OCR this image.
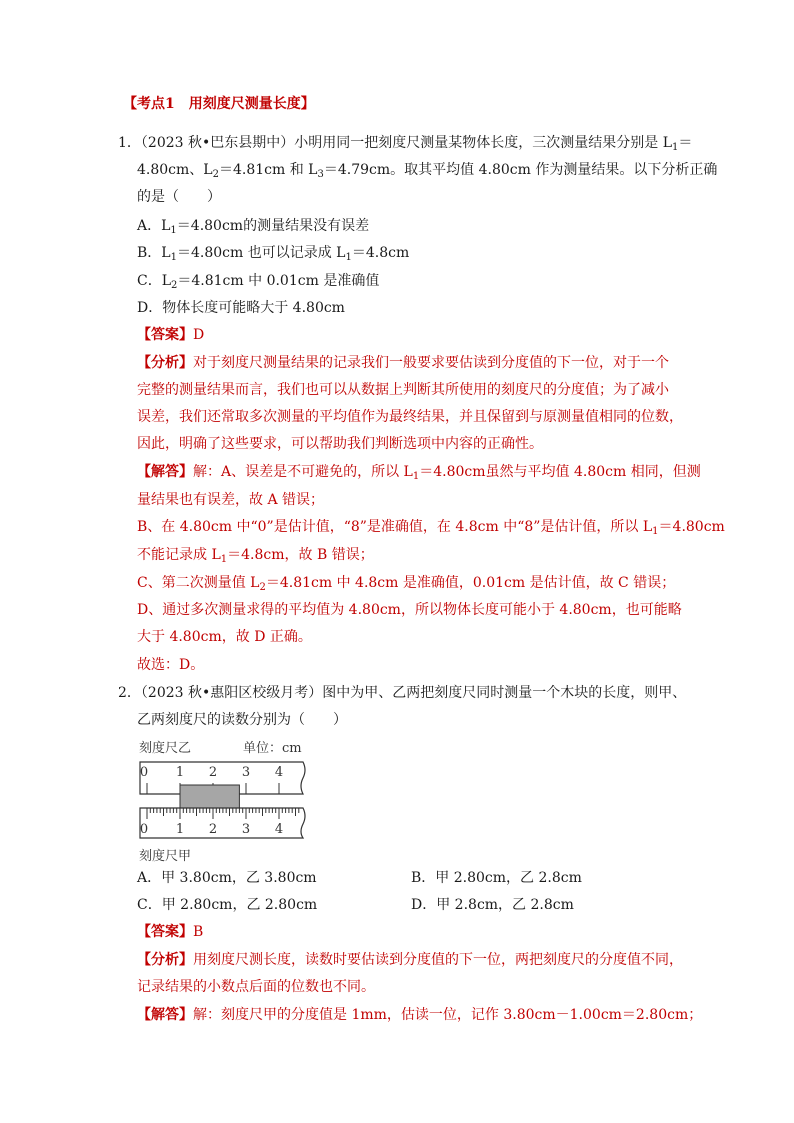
【考点1　用刻度尺测量长度】
1．（2023 秋•巴东县期中）小明用同一把刻度尺测量某物体长度，三次测量结果分别是 $L_1=$
4.80cm、$L_2=4.81cm$ 和 $L_3=4.79cm$。取其平均值 4.80cm 作为测量结果。以下分析正确
的是（　　）
A．$L_1=4.80cm$的测量结果没有误差
B．$L_1=4.80cm$ 也可以记录成 $L_1=4.8cm$
C．$L_2=4.81cm$ 中 0.01cm 是准确值
D．物体长度可能略大于 4.80cm
【答案】D
【分析】对于刻度尺测量结果的记录我们一般要求要估读到分度值的下一位，对于一个
完整的测量结果而言，我们也可以从数据上判断其所使用的刻度尺的分度值；为了减小
误差，我们还常取多次测量的平均值作为最终结果，并且保留到与原测量值相同的位数，
因此，明确了这些要求，可以帮助我们判断选项中内容的正确性。
【解答】解：A、误差是不可避免的，所以 $L_1=4.80cm$虽然与平均值 4.80cm 相同，但测
量结果也有误差，故 A 错误；
B、在 4.80cm 中“0”是估计值，“8”是准确值，在 4.8cm 中“8”是估计值，所以 $L_1=4.80cm$
不能记录成 $L_1=4.8cm$，故 B 错误；
C、第二次测量值 $L_2=4.81cm$ 中 4.8cm 是准确值，0.01cm 是估计值，故 C 错误；
D、通过多次测量求得的平均值为 4.80cm，所以物体长度可能小于 4.80cm，也可能略
大于 4.80cm，故 D 正确。
故选：D。
2．（2023 秋•惠阳区校级月考）图中为甲、乙两把刻度尺同时测量一个木块的长度，则甲、
乙两刻度尺的读数分别为（　　）
刻度尺乙	单位：cm
0 1 2 3 4
0 1 2 3 4
刻度尺甲
A．甲 3.80cm，乙 3.80cm	B．甲 2.80cm，乙 2.8cm
C．甲 2.80cm，乙 2.80cm	D．甲 2.8cm，乙 2.8cm
【答案】B
【分析】用刻度尺测长度，读数时要估读到分度值的下一位，两把刻度尺的分度值不同，
记录结果的小数点后面的位数也不同。
【解答】解：刻度尺甲的分度值是 1mm，估读一位，记作 3.80cm－1.00cm＝2.80cm；
